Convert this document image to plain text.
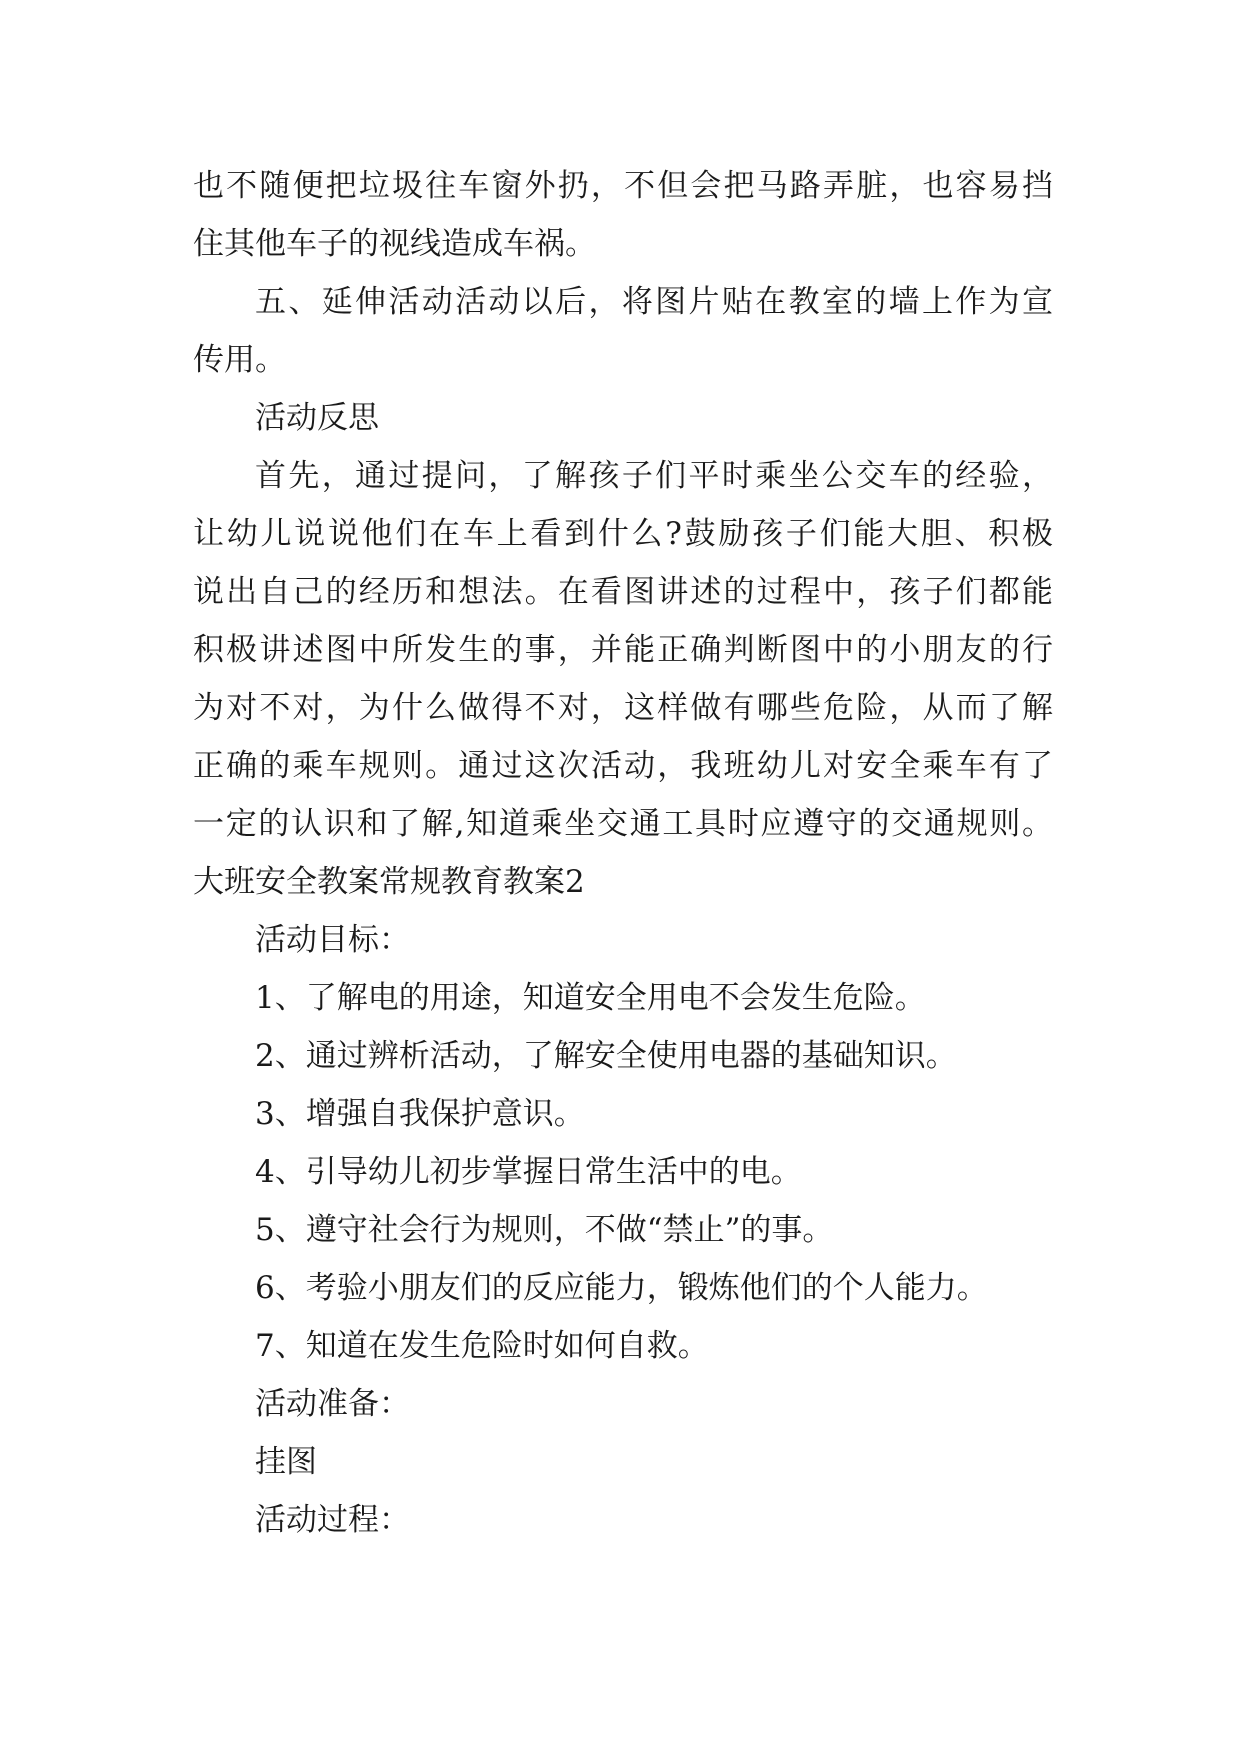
也不随便把垃圾往车窗外扔，不但会把马路弄脏，也容易挡
住其他车子的视线造成车祸。
五、延伸活动活动以后，将图片贴在教室的墙上作为宣
传用。
活动反思
首先，通过提问，了解孩子们平时乘坐公交车的经验，
让幼儿说说他们在车上看到什么?鼓励孩子们能大胆、积极
说出自己的经历和想法。在看图讲述的过程中，孩子们都能
积极讲述图中所发生的事，并能正确判断图中的小朋友的行
为对不对，为什么做得不对，这样做有哪些危险，从而了解
正确的乘车规则。通过这次活动，我班幼儿对安全乘车有了
一定的认识和了解,知道乘坐交通工具时应遵守的交通规则。
大班安全教案常规教育教案2
活动目标：
1、了解电的用途，知道安全用电不会发生危险。
2、通过辨析活动，了解安全使用电器的基础知识。
3、增强自我保护意识。
4、引导幼儿初步掌握日常生活中的电。
5、遵守社会行为规则，不做“禁止”的事。
6、考验小朋友们的反应能力，锻炼他们的个人能力。
7、知道在发生危险时如何自救。
活动准备：
挂图
活动过程：
